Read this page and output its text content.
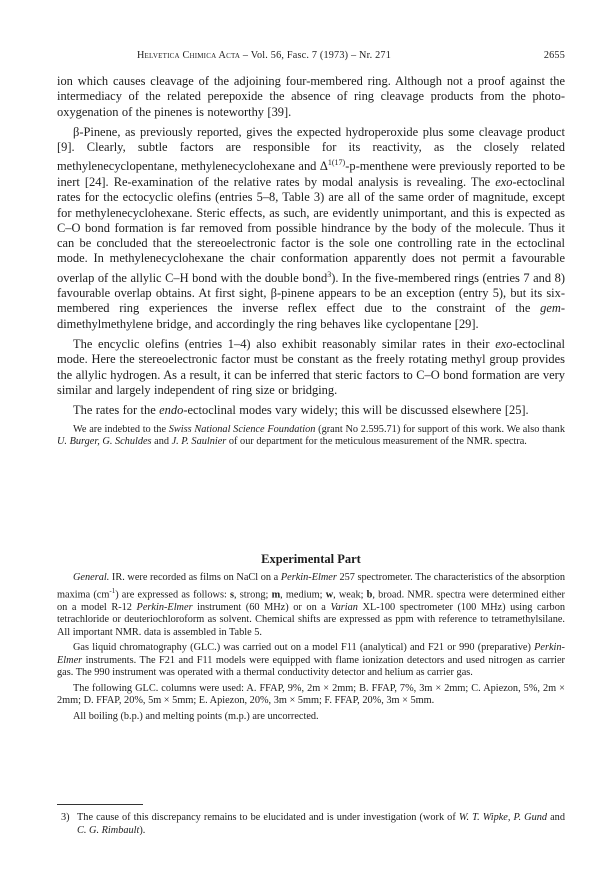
Helvetica Chimica Acta – Vol. 56, Fasc. 7 (1973) – Nr. 271	2655

ion which causes cleavage of the adjoining four-membered ring. Although not a proof against the intermediacy of the related perepoxide the absence of ring cleavage products from the photo-oxygenation of the pinenes is noteworthy [39].

β-Pinene, as previously reported, gives the expected hydroperoxide plus some cleavage product [9]. Clearly, subtle factors are responsible for its reactivity, as the closely related methylenecyclopentane, methylenecyclohexane and $\Delta^{1(17)}-p$-menthene were previously reported to be inert [24]. Re-examination of the relative rates by modal analysis is revealing. The exo-ectoclinal rates for the ectocyclic olefins (entries 5–8, Table 3) are all of the same order of magnitude, except for methylenecyclohexane. Steric effects, as such, are evidently unimportant, and this is expected as C–O bond formation is far removed from possible hindrance by the body of the molecule. Thus it can be concluded that the stereoelectronic factor is the sole one controlling rate in the ectoclinal mode. In methylenecyclohexane the chair conformation apparently does not permit a favourable overlap of the allylic C–H bond with the double bond$^3$). In the five-membered rings (entries 7 and 8) favourable overlap obtains. At first sight, β-pinene appears to be an exception (entry 5), but its six-membered ring experiences the inverse reflex effect due to the constraint of the gem-dimethylmethylene bridge, and accordingly the ring behaves like cyclopentane [29].

The encyclic olefins (entries 1–4) also exhibit reasonably similar rates in their exo-ectoclinal mode. Here the stereoelectronic factor must be constant as the freely rotating methyl group provides the allylic hydrogen. As a result, it can be inferred that steric factors to C–O bond formation are very similar and largely independent of ring size or bridging.

The rates for the endo-ectoclinal modes vary widely; this will be discussed elsewhere [25].

We are indebted to the Swiss National Science Foundation (grant No 2.595.71) for support of this work. We also thank U. Burger, G. Schuldes and J. P. Saulnier of our department for the meticulous measurement of the NMR. spectra.

Experimental Part

General. IR. were recorded as films on NaCl on a Perkin-Elmer 257 spectrometer. The characteristics of the absorption maxima $(cm^{-1})$ are expressed as follows: s, strong; m, medium; w, weak; b, broad. NMR. spectra were determined either on a model R-12 Perkin-Elmer instrument (60 MHz) or on a Varian XL-100 spectrometer (100 MHz) using carbon tetrachloride or deuteriochloroform as solvent. Chemical shifts are expressed as ppm with reference to tetramethylsilane. All important NMR. data is assembled in Table 5.

Gas liquid chromatography (GLC.) was carried out on a model F11 (analytical) and F21 or 990 (preparative) Perkin-Elmer instruments. The F21 and F11 models were equipped with flame ionization detectors and used nitrogen as carrier gas. The 990 instrument was operated with a thermal conductivity detector and helium as carrier gas.

The following GLC. columns were used: A. FFAP, 9%, 2m × 2mm; B. FFAP, 7%, 3m × 2mm; C. Apiezon, 5%, 2m × 2mm; D. FFAP, 20%, 5m × 5mm; E. Apiezon, 20%, 3m × 5mm; F. FFAP, 20%, 3m × 5mm.

All boiling (b.p.) and melting points (m.p.) are uncorrected.

3) The cause of this discrepancy remains to be elucidated and is under investigation (work of W. T. Wipke, P. Gund and C. G. Rimbault).
